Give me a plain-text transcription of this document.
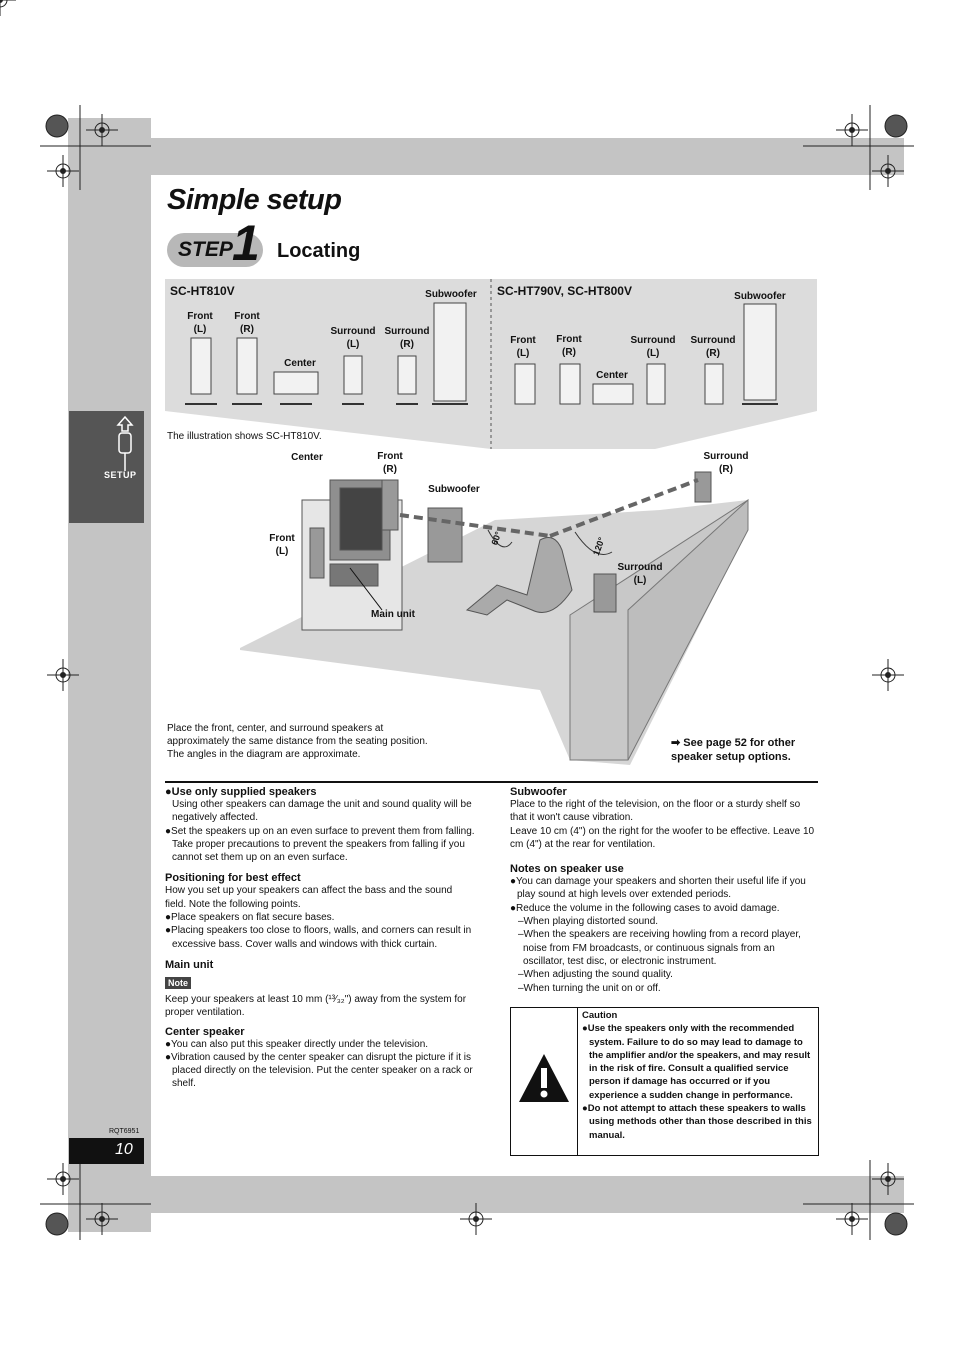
SETUP
Simple setup
STEP 1 Locating
SC-HT810V	SC-HT790V, SC-HT800V
Front
(L)
Front
(R)
Center
Surround
(L)
Surround
(R)
Subwoofer
Front
(L)
Front
(R)
Center
Surround
(L)
Surround
(R)
Subwoofer
The illustration shows SC-HT810V.
Center	Front
(R)
Subwoofer
Front
(L)
Surround
(R)
Surround
(L)
Main unit
60°	120°
Place the front, center, and surround speakers at
approximately the same distance from the seating position.
The angles in the diagram are approximate.
➡ See page 52 for other
speaker setup options.
●Use only supplied speakers
Using other speakers can damage the unit and sound quality will be negatively affected.
●Set the speakers up on an even surface to prevent them from falling. Take proper precautions to prevent the speakers from falling if you cannot set them up on an even surface.
Positioning for best effect
How you set up your speakers can affect the bass and the sound field. Note the following points.
●Place speakers on flat secure bases.
●Placing speakers too close to floors, walls, and corners can result in excessive bass. Cover walls and windows with thick curtain.
Main unit
Note
Keep your speakers at least 10 mm (¹³⁄₃₂") away from the system for proper ventilation.
Center speaker
●You can also put this speaker directly under the television.
●Vibration caused by the center speaker can disrupt the picture if it is placed directly on the television. Put the center speaker on a rack or shelf.
Subwoofer
Place to the right of the television, on the floor or a sturdy shelf so that it won't cause vibration.
Leave 10 cm (4") on the right for the woofer to be effective. Leave 10 cm (4") at the rear for ventilation.
Notes on speaker use
●You can damage your speakers and shorten their useful life if you play sound at high levels over extended periods.
●Reduce the volume in the following cases to avoid damage.
–When playing distorted sound.
–When the speakers are receiving howling from a record player, noise from FM broadcasts, or continuous signals from an oscillator, test disc, or electronic instrument.
–When adjusting the sound quality.
–When turning the unit on or off.
Caution
●Use the speakers only with the recommended system. Failure to do so may lead to damage to the amplifier and/or the speakers, and may result in the risk of fire. Consult a qualified service person if damage has occurred or if you experience a sudden change in performance.
●Do not attempt to attach these speakers to walls using methods other than those described in this manual.
RQT6951
10
